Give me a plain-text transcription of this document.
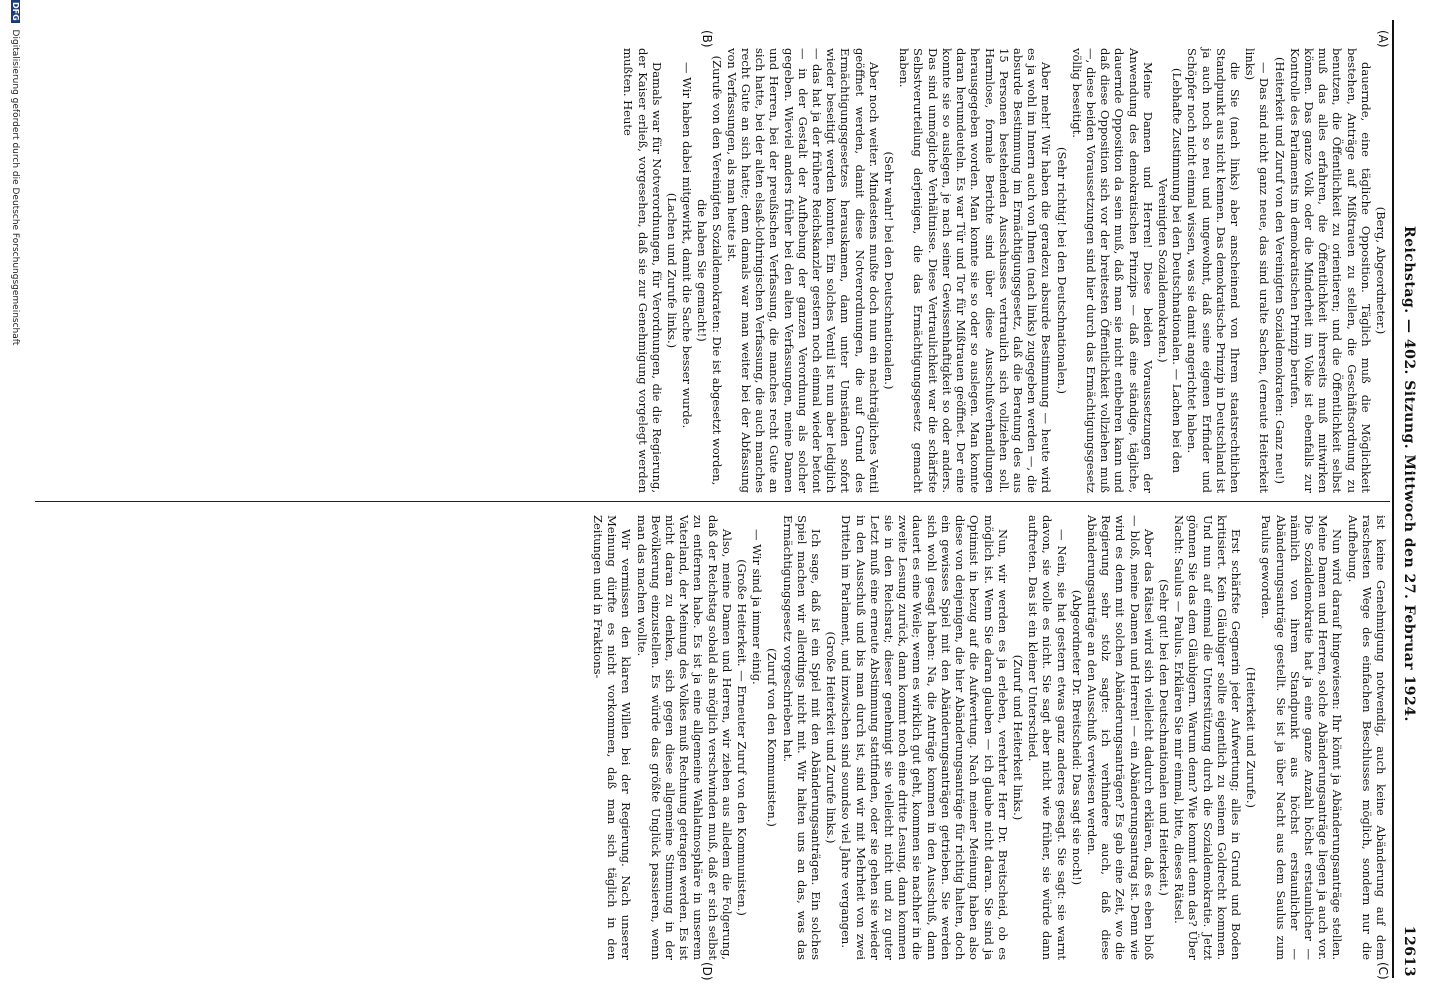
Reichstag. — 402. Sitzung. Mittwoch den 27. Februar 1924.
12613
(A)
(B)
(C)
(D)

(Berg, Abgeordneter.)

dauernde, eine tägliche Opposition. Täglich muß die Möglichkeit bestehen, Anträge auf Mißtrauen zu stellen, die Geschäftsordnung zu benutzen, die Öffentlichkeit zu orientieren; und die Öffentlichkeit selbst muß das alles erfahren, die Öffentlichkeit ihrerseits muß mitwirken können. Das ganze Volk oder die Minderheit im Volke ist ebenfalls zur Kontrolle des Parlaments im demokratischen Prinzip berufen.

(Heiterkeit und Zuruf von den Vereinigten Sozialdemokraten: Ganz neu!)

— Das sind nicht ganz neue, das sind uralte Sachen, (erneute Heiterkeit links)

die Sie (nach links) aber anscheinend von Ihrem staatsrechtlichen Standpunkt aus nicht kennen. Das demokratische Prinzip in Deutschland ist ja auch noch so neu und ungewohnt, daß seine eigenen Erfinder und Schöpfer noch nicht einmal wissen, was sie damit angerichtet haben.

(Lebhafte Zustimmung bei den Deutschnationalen. — Lachen bei den Vereinigten Sozialdemokraten.)

Meine Damen und Herren! Diese beiden Voraussetzungen der Anwendung des demokratischen Prinzips — daß eine ständige, tägliche, dauernde Opposition da sein muß, daß man sie nicht entbehren kann und daß diese Opposition sich vor der breitesten Öffentlichkeit vollziehen muß —, diese beiden Voraussetzungen sind hier durch das Ermächtigungsgesetz völlig beseitigt.

(Sehr richtig! bei den Deutschnationalen.)

Aber mehr! Wir haben die geradezu absurde Bestimmung — heute wird es ja wohl im Innern auch von Ihnen (nach links) zugegeben werden —, die absurde Bestimmung im Ermächtigungsgesetz, daß die Beratung des aus 15 Personen bestehenden Ausschusses vertraulich sich vollziehen soll. Harmlose, formale Berichte sind über diese Ausschußverhandlungen herausgegeben worden. Man konnte sie so oder so auslegen. Man konnte daran herumdeuteln. Es war Tür und Tor für Mißtrauen geöffnet. Der eine konnte sie so auslegen, je nach seiner Gewissenhaftigkeit so oder anders. Das sind unmögliche Verhältnisse. Diese Vertraulichkeit war die schärfste Selbstverurteilung derjenigen, die das Ermächtigungsgesetz gemacht haben.

(Sehr wahr! bei den Deutschnationalen.)

Aber noch weiter. Mindestens mußte doch nun ein nachträgliches Ventil geöffnet werden, damit diese Notverordnungen, die auf Grund des Ermächtigungsgesetzes herauskamen, dann unter Umständen sofort wieder beseitigt werden konnten. Ein solches Ventil ist nun aber lediglich — das hat ja der frühere Reichskanzler gestern noch einmal wieder betont — in der Gestalt der Aufhebung der ganzen Verordnung als solcher gegeben. Wieviel anders früher bei den alten Verfassungen, meine Damen und Herren, bei der preußischen Verfassung, die manches recht Gute an sich hatte, bei der alten elsaß-lothringischen Verfassung, die auch manches recht Gute an sich hatte; denn damals war man weiter bei der Abfassung von Verfassungen, als man heute ist.

(Zurufe von den Vereinigten Sozialdemokraten: Die ist abgesetzt worden, die haben Sie gemacht!)

— Wir haben dabei mitgewirkt, damit die Sache besser wurde.

(Lachen und Zurufe links.)

Damals war für Notverordnungen, für Verordnungen, die die Regierung, der Kaiser erließ, vorgesehen, daß sie zur Genehmigung vorgelegt werden mußten. Heute

ist keine Genehmigung notwendig, auch keine Abänderung auf dem raschesten Wege des einfachen Beschlusses möglich, sondern nur die Aufhebung.

Nun wird darauf hingewiesen: Ihr könnt ja Abänderungsanträge stellen. Meine Damen und Herren, solche Abänderungsanträge liegen ja auch vor. Die Sozialdemokratie hat ja eine ganze Anzahl höchst erstaunlicher — nämlich von ihrem Standpunkt aus höchst erstaunlicher — Abänderungsanträge gestellt. Sie ist ja über Nacht aus dem Saulus zum Paulus geworden.

(Heiterkeit und Zurufe.)

Erst schärfste Gegnerin jeder Aufwertung; alles in Grund und Boden kritisiert. Kein Gläubiger sollte eigentlich zu seinem Goldrecht kommen. Und nun auf einmal die Unterstützung durch die Sozialdemokratie. Jetzt gönnen Sie das dem Gläubigern. Warum denn? Wie kommt denn das? Über Nacht: Saulus — Paulus. Erklären Sie mir einmal, bitte, dieses Rätsel.

(Sehr gut! bei den Deutschnationalen und Heiterkeit.)

Aber das Rätsel wird sich vielleicht dadurch erklären, daß es eben bloß — bloß, meine Damen und Herren! — ein Abänderungsantrag ist. Denn wie wird es denn mit solchen Abänderungsanträgen? Es gab eine Zeit, wo die Regierung sehr stolz sagte: ich verhindere auch, daß diese Abänderungsanträge an den Ausschuß verwiesen werden.

(Abgeordneter Dr. Breitscheid: Das sagt sie noch!)

— Nein, sie hat gestern etwas ganz anderes gesagt. Sie sagt: sie warnt davon, sie wolle es nicht. Sie sagt aber nicht wie früher, sie würde dann auftreten. Das ist ein kleiner Unterschied.

(Zuruf und Heiterkeit links.)

Nun, wir werden es ja erleben, verehrter Herr Dr. Breitscheid, ob es möglich ist. Wenn Sie daran glauben — ich glaube nicht daran. Sie sind ja Optimist in bezug auf die Aufwertung. Nach meiner Meinung haben also diese von denjenigen, die hier Abänderungsanträge für richtig halten, doch ein gewisses Spiel mit den Abänderungsanträgen getrieben. Sie werden sich wohl gesagt haben: Na, die Anträge kommen in den Ausschuß, dann dauert es eine Weile; wenn es wirklich gut geht, kommen sie nachher in die zweite Lesung zurück, dann kommt noch eine dritte Lesung, dann kommen sie in den Reichsrat; dieser genehmigt sie vielleicht nicht und zu guter Letzt muß eine erneute Abstimmung stattfinden, oder sie gehen sie wieder in den Ausschuß und bis man durch ist, sind wir mit Mehrheit von zwei Dritteln im Parlament, und inzwischen sind soundso viel Jahre vergangen.

(Große Heiterkeit und Zurufe links.)

Ich sage, daß ist ein Spiel mit den Abänderungsanträgen. Ein solches Spiel machen wir allerdings nicht mit. Wir halten uns an das, was das Ermächtigungsgesetz vorgeschrieben hat.

(Zuruf von den Kommunisten.)

— Wir sind ja immer einig.

(Große Heiterkeit. — Erneuter Zuruf von den Kommunisten.)

Also, meine Damen und Herren, wir ziehen aus alledem die Folgerung, daß der Reichstag sobald als möglich verschwinden muß, daß er sich selbst zu entfernen habe. Es ist ja eine allgemeine Wahlatmosphäre in unserem Vaterland, der Meinung des Volkes muß Rechnung getragen werden. Es ist nicht daran zu denken, sich gegen diese allgemeine Stimmung in der Bevölkerung einzustellen. Es würde das größte Unglück passieren, wenn man das machen wollte.

Wir vermissen den klaren Willen bei der Regierung. Nach unserer Meinung dürfte es nicht vorkommen, daß man sich täglich in den Zeitungen und in Fraktions-

DFG Digitalisierung gefördert durch die Deutsche Forschungsgemeinschaft
